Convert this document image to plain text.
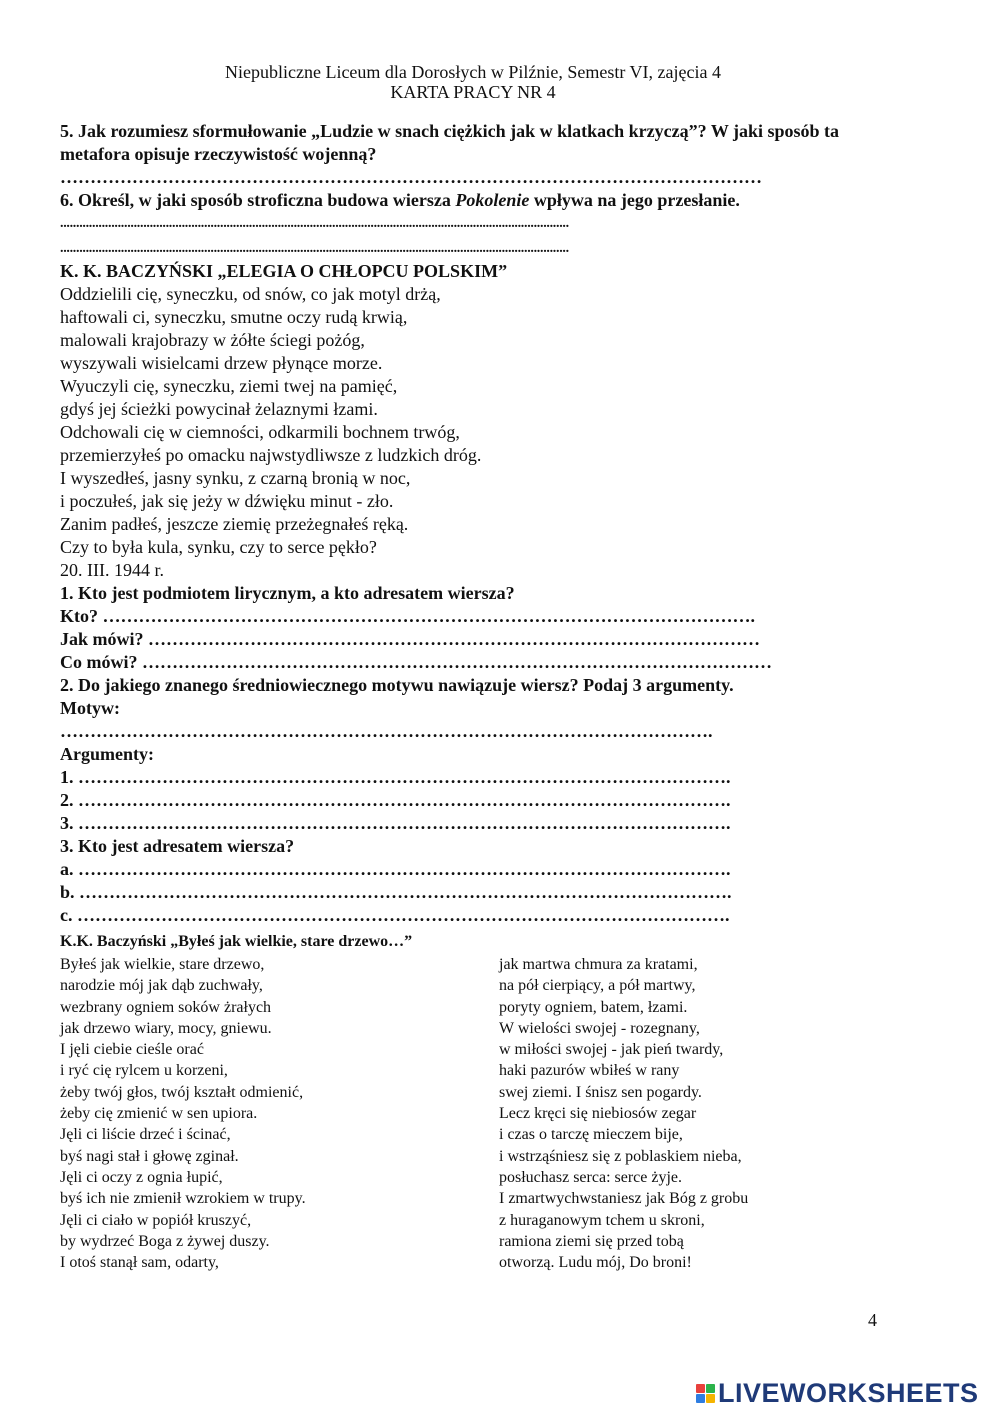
Niepubliczne Liceum dla Dorosłych w Pilźnie, Semestr VI, zajęcia 4
KARTA PRACY NR 4
5. Jak rozumiesz sformułowanie „Ludzie w snach ciężkich jak w klatkach krzyczą”? W jaki sposób ta metafora opisuje rzeczywistość wojenną?
………………………………………………………………………………………………………
6. Określ, w jaki sposób stroficzna budowa wiersza Pokolenie wpływa na jego przesłanie.
...............................................................................................................................................................
...............................................................................................................................................................
K. K. BACZYŃSKI „ELEGIA O CHŁOPCU POLSKIM”
Oddzielili cię, syneczku, od snów, co jak motyl drżą,
haftowali ci, syneczku, smutne oczy rudą krwią,
malowali krajobrazy w żółte ściegi pożóg,
wyszywali wisielcami drzew płynące morze.
Wyuczyli cię, syneczku, ziemi twej na pamięć,
gdyś jej ścieżki powycinał żelaznymi łzami.
Odchowali cię w ciemności, odkarmili bochnem trwóg,
przemierzyłeś po omacku najwstydliwsze z ludzkich dróg.
I wyszedłeś, jasny synku, z czarną bronią w noc,
i poczułeś, jak się jeży w dźwięku minut - zło.
Zanim padłeś, jeszcze ziemię przeżegnałeś ręką.
Czy to była kula, synku, czy to serce pękło?
20. III. 1944 r.
1. Kto jest podmiotem lirycznym, a kto adresatem wiersza?
Kto? ……………………………………………………………………………………………….
Jak mówi? …………………………………………………………………………………………
Co mówi? ……………………………………………………………………………………………
2. Do jakiego znanego średniowiecznego motywu nawiązuje wiersz? Podaj 3 argumenty.
Motyw:
……………………………………………………………………………………………….
Argumenty:
1. ……………………………………………………………………………………………….
2. ……………………………………………………………………………………………….
3. ……………………………………………………………………………………………….
3. Kto jest adresatem wiersza?
a. ……………………………………………………………………………………………….
b. ……………………………………………………………………………………………….
c. ……………………………………………………………………………………………….
K.K. Baczyński „Byłeś jak wielkie, stare drzewo…”
Byłeś jak wielkie, stare drzewo,
narodzie mój jak dąb zuchwały,
wezbrany ogniem soków żrałych
jak drzewo wiary, mocy, gniewu.
I jęli ciebie cieśle orać
i ryć cię rylcem u korzeni,
żeby twój głos, twój kształt odmienić,
żeby cię zmienić w sen upiora.
Jęli ci liście drzeć i ścinać,
byś nagi stał i głowę zginał.
Jęli ci oczy z ognia łupić,
byś ich nie zmienił wzrokiem w trupy.
Jęli ci ciało w popiół kruszyć,
by wydrzeć Boga z żywej duszy.
I otoś stanął sam, odarty,
jak martwa chmura za kratami,
na pół cierpiący, a pół martwy,
poryty ogniem, batem, łzami.
W wielości swojej - rozegnany,
w miłości swojej - jak pień twardy,
haki pazurów wbiłeś w rany
swej ziemi. I śnisz sen pogardy.
Lecz kręci się niebiosów zegar
i czas o tarczę mieczem bije,
i wstrząśniesz się z poblaskiem nieba,
posłuchasz serca: serce żyje.
I zmartwychwstaniesz jak Bóg z grobu
z huraganowym tchem u skroni,
ramiona ziemi się przed tobą
otworzą. Ludu mój, Do broni!
4
LIVEWORKSHEETS
